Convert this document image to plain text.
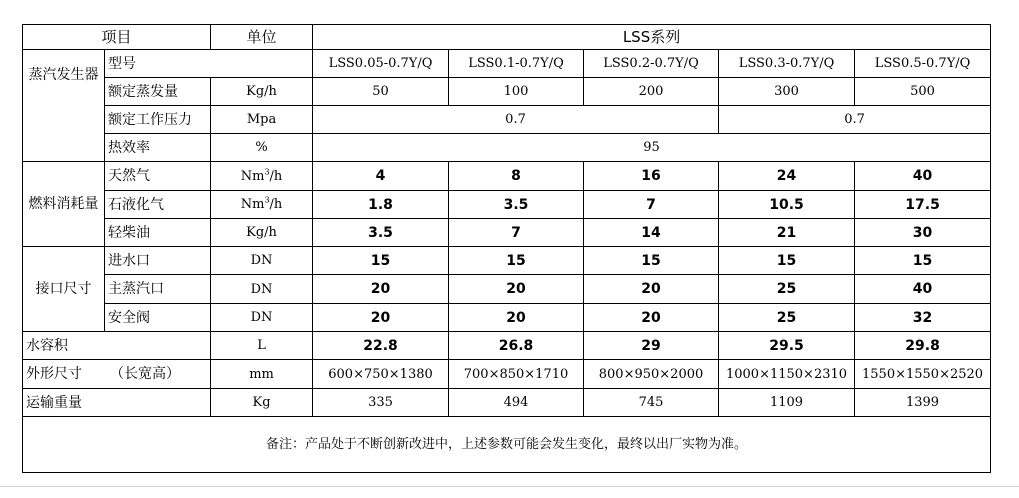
项目		单位	LSS系列				
蒸汽发生器	型号		LSS0.05-0.7Y/Q	LSS0.1-0.7Y/Q	LSS0.2-0.7Y/Q	LSS0.3-0.7Y/Q	LSS0.5-0.7Y/Q
	额定蒸发量	Kg/h	50	100	200	300	500
	额定工作压力	Mpa	0.7			0.7	
	热效率	%	95				
燃料消耗量	天然气	Nm$^3$/h	4	8	16	24	40
	石液化气	Nm$^3$/h	1.8	3.5	7	10.5	17.5
	轻柴油	Kg/h	3.5	7	14	21	30
接口尺寸	进水口	DN	15	15	15	15	15
	主蒸汽口	DN	20	20	20	25	40
	安全阀	DN	20	20	20	25	32
水容积		L	22.8	26.8	29	29.5	29.8
外形尺寸 （长宽高）		mm	600×750×1380	700×850×1710	800×950×2000	1000×1150×2310	1550×1550×2520
运输重量		Kg	335	494	745	1109	1399
备注：产品处于不断创新改进中，上述参数可能会发生变化，最终以出厂实物为准。							
